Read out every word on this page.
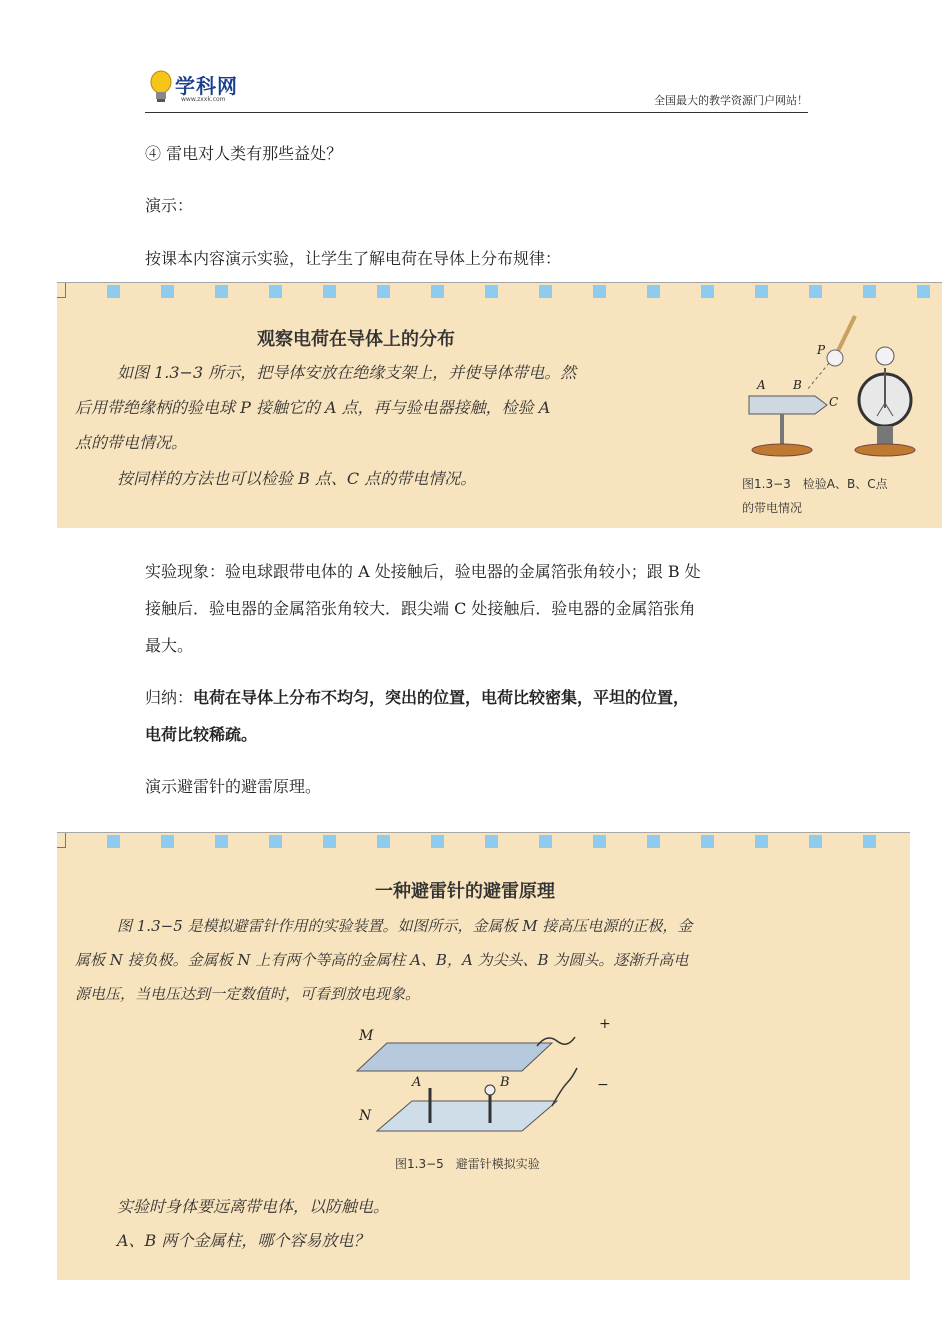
学科网
www.zxxk.com	全国最大的教学资源门户网站！
④ 雷电对人类有那些益处？
演示：
按课本内容演示实验，让学生了解电荷在导体上分布规律：
观察电荷在导体上的分布
如图 1.3−3 所示，把导体安放在绝缘支架上，并使导体带电。然
后用带绝缘柄的验电球 P 接触它的 A 点，再与验电器接触，检验 A
点的带电情况。
按同样的方法也可以检验 B 点、C 点的带电情况。
P
A B
C
图1.3−3　检验A、B、C点
的带电情况
实验现象：验电球跟带电体的 A 处接触后，验电器的金属箔张角较小；跟 B 处
接触后．验电器的金属箔张角较大．跟尖端 C 处接触后．验电器的金属箔张角
最大。
归纳：电荷在导体上分布不均匀，突出的位置，电荷比较密集，平坦的位置，
电荷比较稀疏。
演示避雷针的避雷原理。
一种避雷针的避雷原理
图 1.3−5 是模拟避雷针作用的实验装置。如图所示，金属板 M 接高压电源的正极，金
属板 N 接负极。金属板 N 上有两个等高的金属柱 A、B，A 为尖头、B 为圆头。逐渐升高电
源电压，当电压达到一定数值时，可看到放电现象。
M
+
N
A	B	−
图1.3−5　避雷针模拟实验
实验时身体要远离带电体，以防触电。
A、B 两个金属柱，哪个容易放电？
